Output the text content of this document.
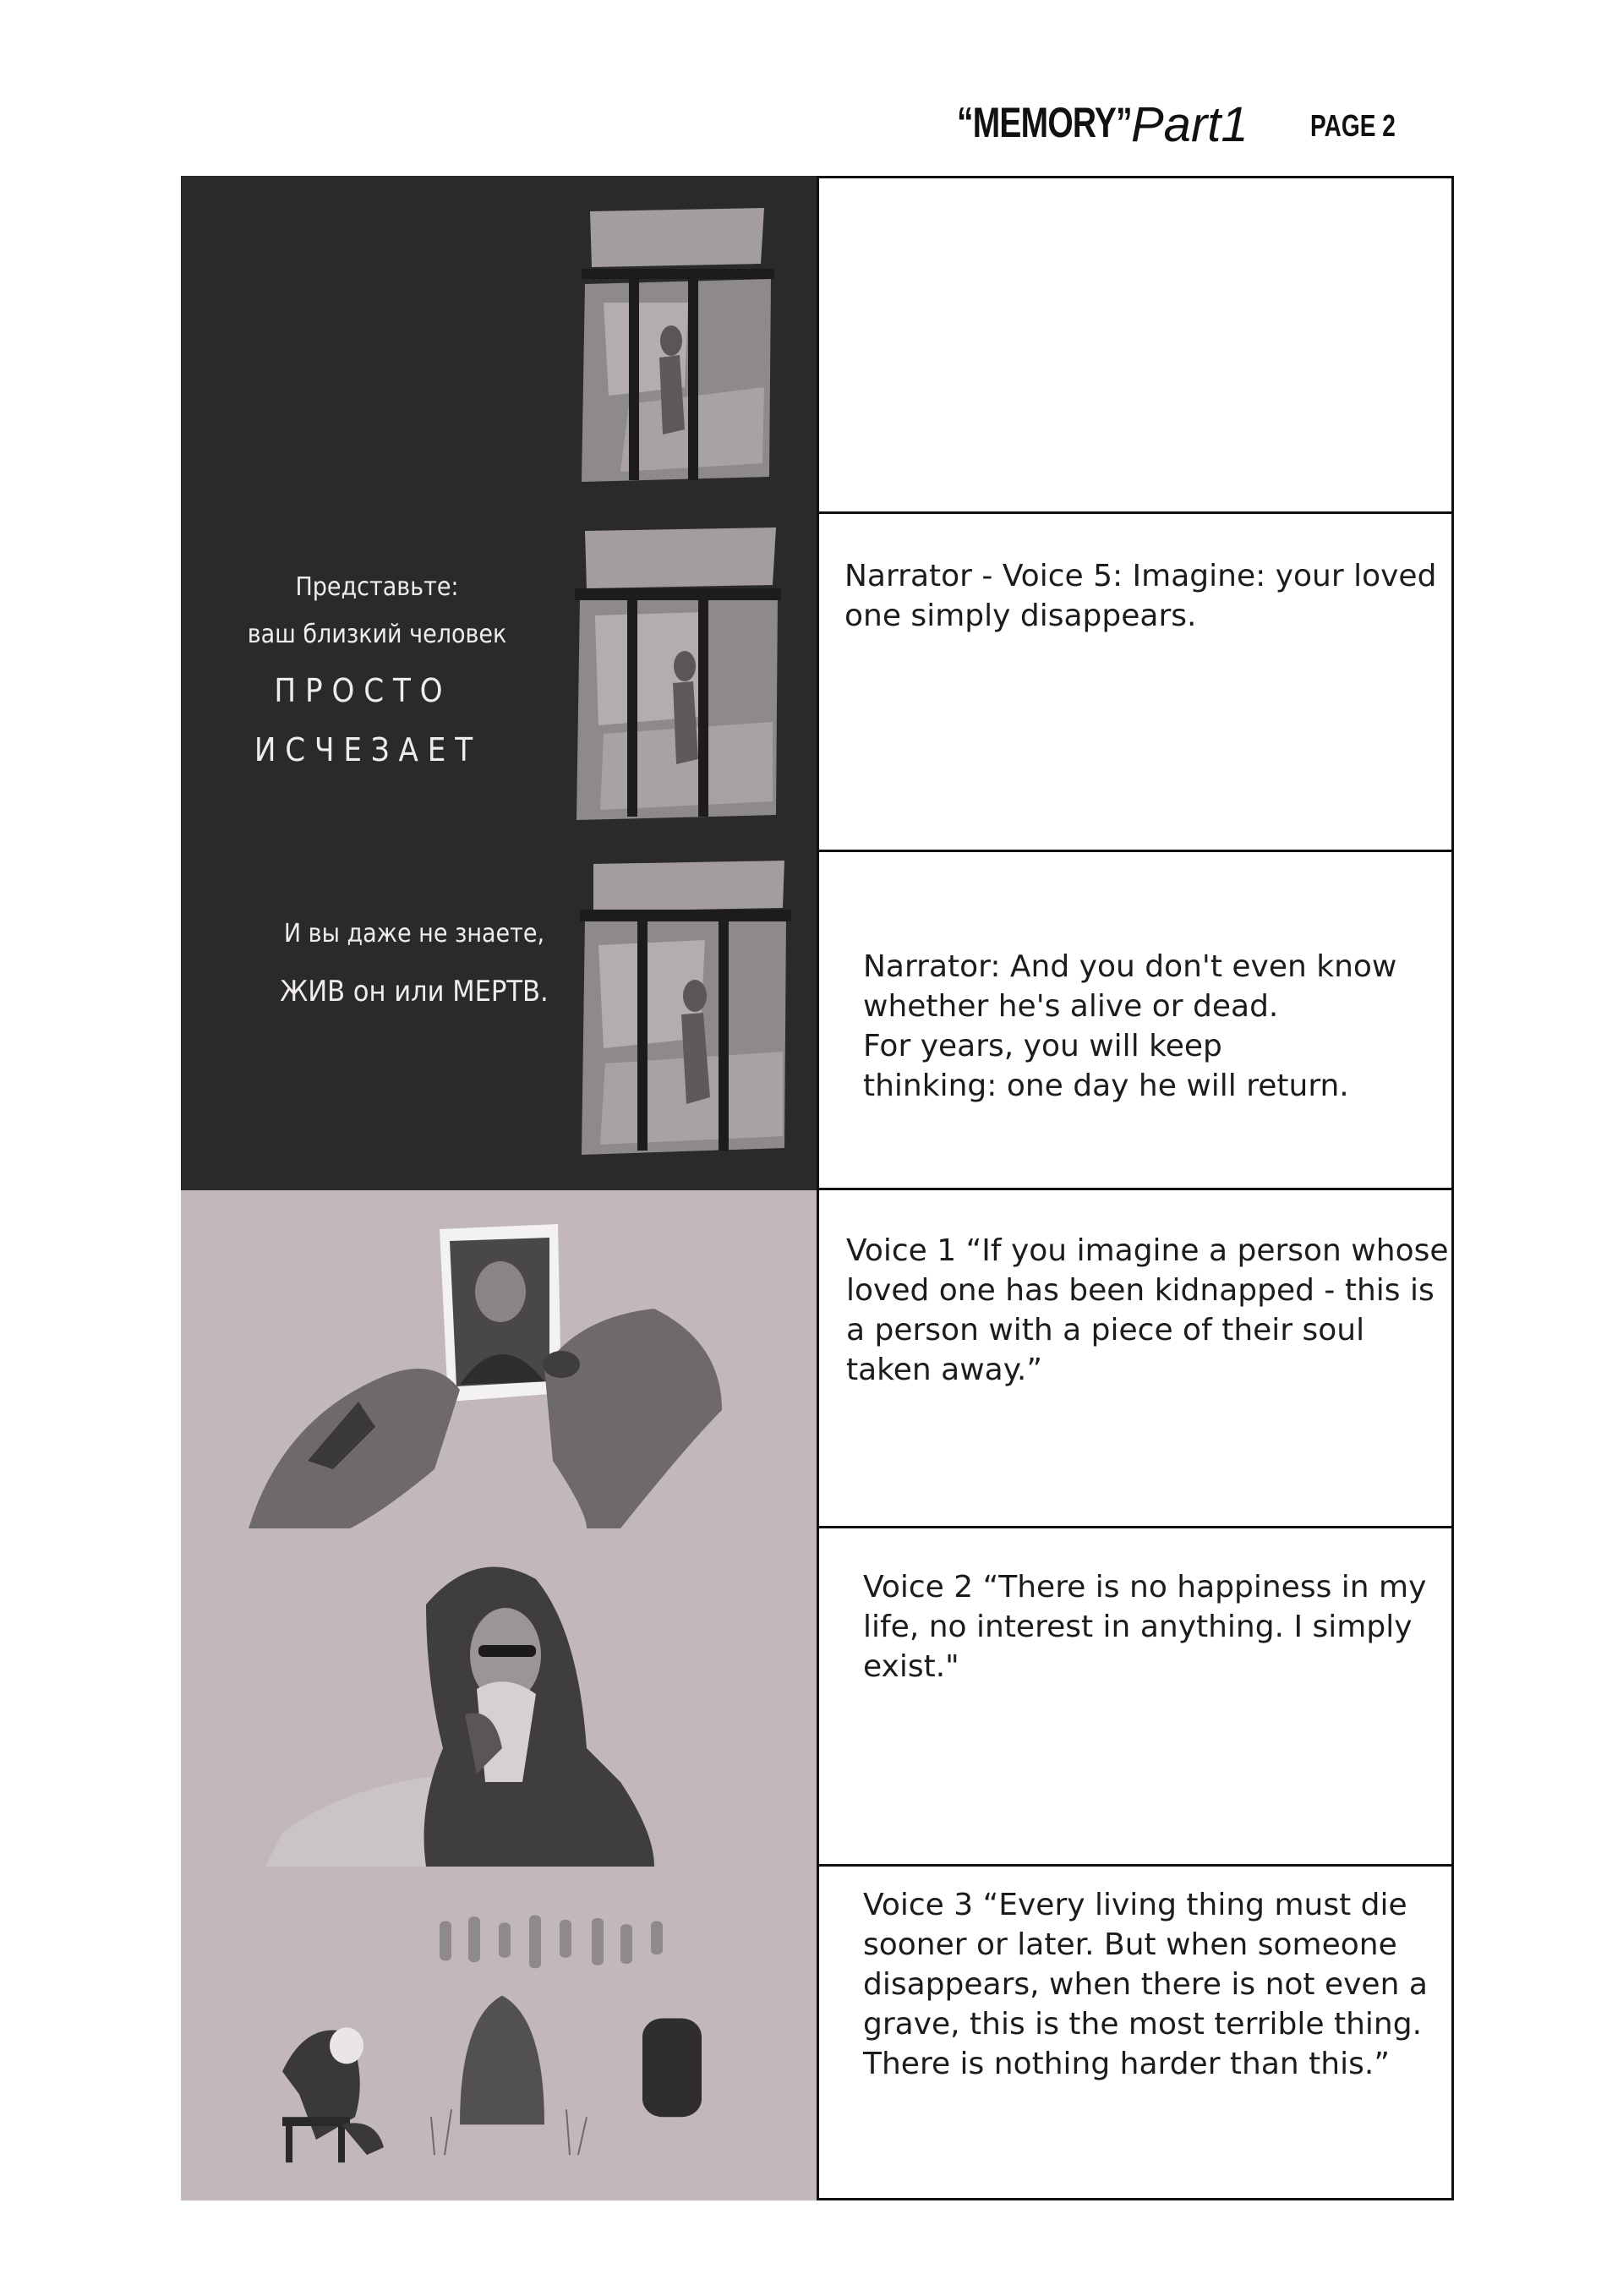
“MEMORY” Part1 PAGE 2
Представьте:
ваш близкий человек
П Р О С Т О
И С Ч Е З А Е Т
Narrator - Voice 5: Imagine: your loved
one simply disappears.
И вы даже не знаете,
ЖИВ он или МЕРТВ.
Narrator: And you don't even know
whether he's alive or dead.
For years, you will keep
thinking: one day he will return.
Voice 1 “If you imagine a person whose
loved one has been kidnapped - this is
a person with a piece of their soul
taken away.”
Voice 2 “There is no happiness in my
life, no interest in anything. I simply
exist."
Voice 3 “Every living thing must die
sooner or later. But when someone
disappears, when there is not even a
grave, this is the most terrible thing.
There is nothing harder than this.”
